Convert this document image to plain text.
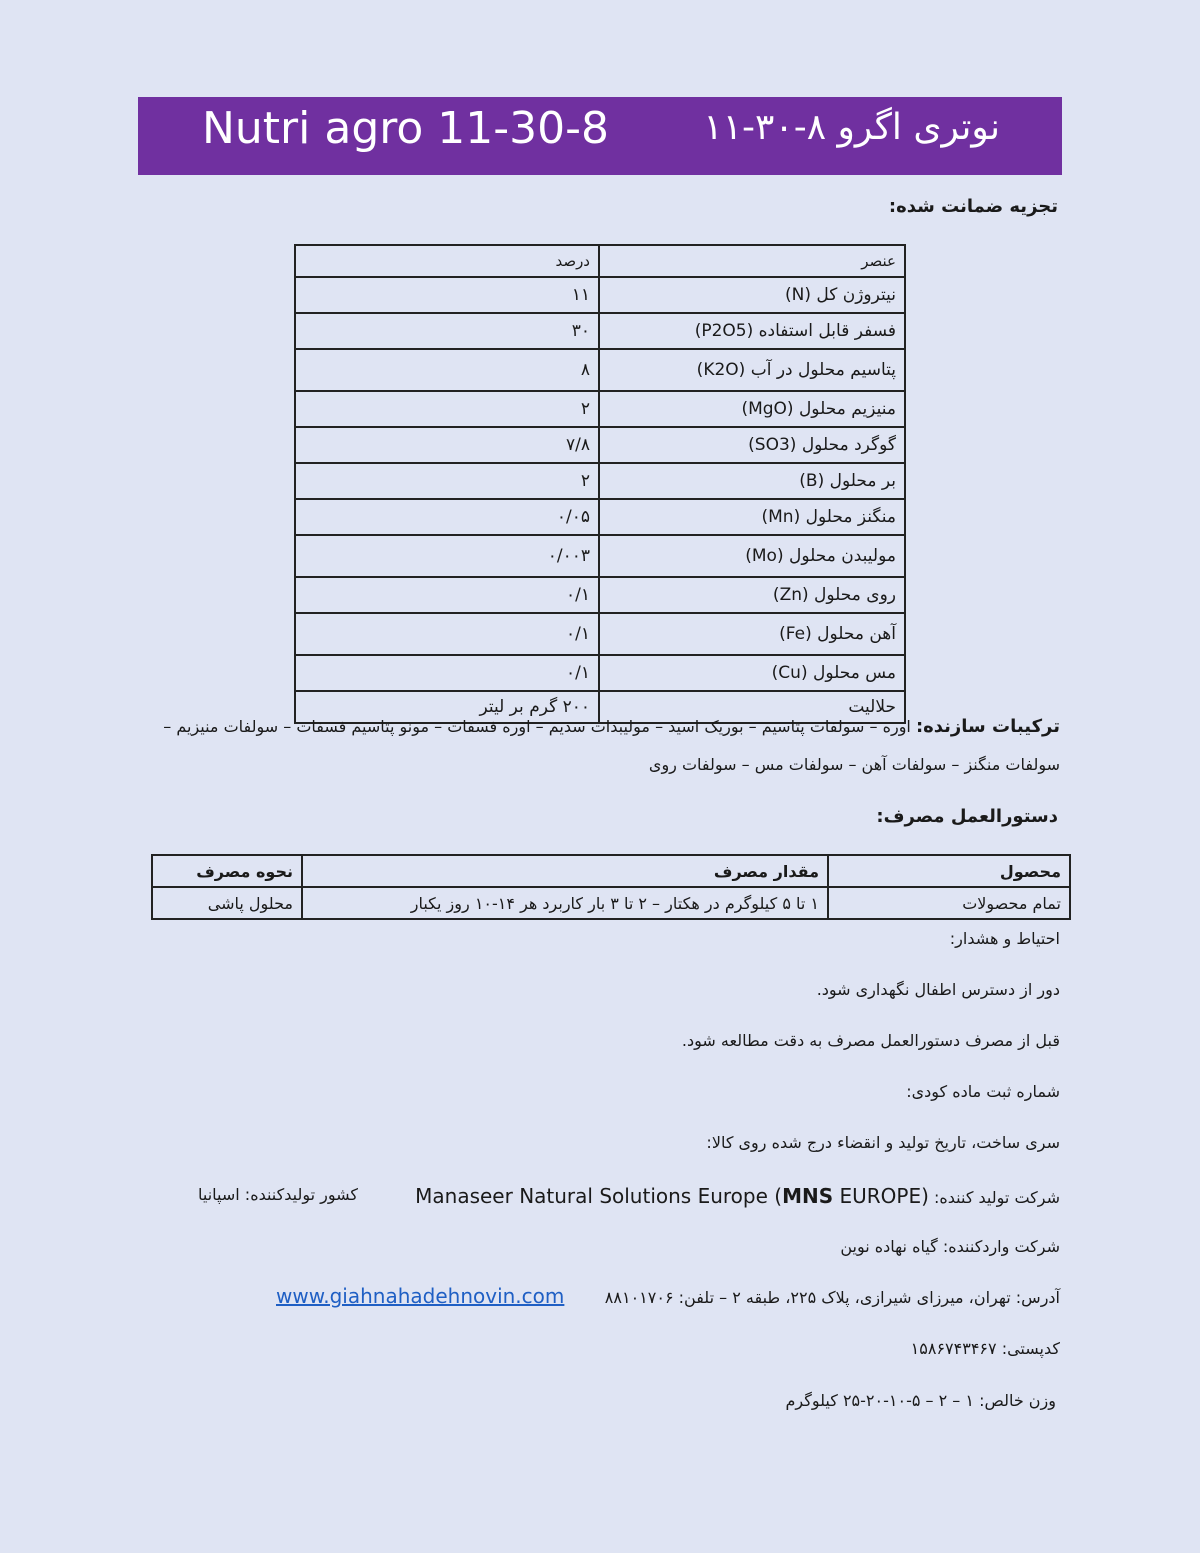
Nutri agro 11-30-8	نوتری اگرو ۸-۳۰-۱۱
تجزیه ضمانت شده:
عنصر	درصد
نیتروژن کل (N)	۱۱
فسفر قابل استفاده (P2O5)	۳۰
پتاسیم محلول در آب (K2O)	۸
منیزیم محلول (MgO)	۲
گوگرد محلول (SO3)	۷/۸
بر محلول (B)	۲
منگنز محلول (Mn)	۰/۰۵
مولیبدن محلول (Mo)	۰/۰۰۳
روی محلول (Zn)	۰/۱
آهن محلول (Fe)	۰/۱
مس محلول (Cu)	۰/۱
حلالیت	۲۰۰ گرم بر لیتر
ترکیبات سازنده: اوره – سولفات پتاسیم – بوریک اسید – مولیبدات سدیم – اوره فسفات – مونو پتاسیم فسفات – سولفات منیزیم –
سولفات منگنز – سولفات آهن – سولفات مس – سولفات روی
دستورالعمل مصرف:
محصول	مقدار مصرف	نحوه مصرف
تمام محصولات	۱ تا ۵ کیلوگرم در هکتار – ۲ تا ۳ بار کاربرد هر ۱۴-۱۰ روز یکبار	محلول پاشی
احتیاط و هشدار:
دور از دسترس اطفال نگهداری شود.
قبل از مصرف دستورالعمل مصرف به دقت مطالعه شود.
شماره ثبت ماده کودی:
سری ساخت، تاریخ تولید و انقضاء درج شده روی کالا:
شرکت تولید کننده: Manaseer Natural Solutions Europe (MNS EUROPE)
کشور تولیدکننده: اسپانیا
شرکت واردکننده: گیاه نهاده نوین
آدرس: تهران، میرزای شیرازی، پلاک ۲۲۵، طبقه ۲ – تلفن: ۸۸۱۰۱۷۰۶
www.giahnahadehnovin.com
کدپستی: ۱۵۸۶۷۴۳۴۶۷
وزن خالص: ۱ – ۲ – ۵-۱۰-۲۰-۲۵ کیلوگرم
